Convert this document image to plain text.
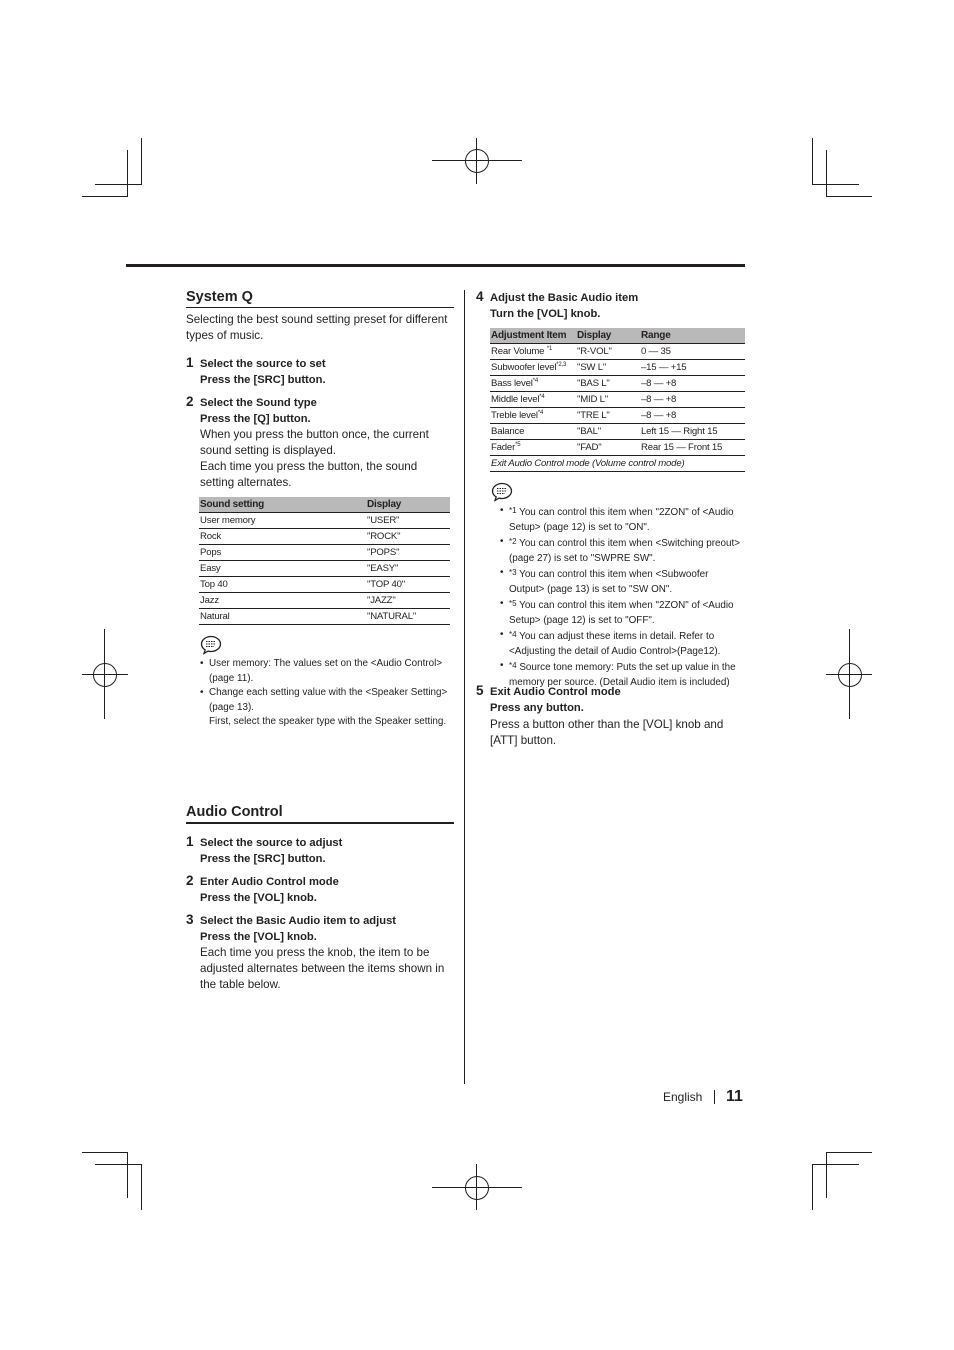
System Q
Selecting the best sound setting preset for different types of music.
1 Select the source to set
Press the [SRC] button.
2 Select the Sound type
Press the [Q] button.
When you press the button once, the current sound setting is displayed.
Each time you press the button, the sound setting alternates.
Sound setting	Display
User memory	"USER"
Rock	"ROCK"
Pops	"POPS"
Easy	"EASY"
Top 40	"TOP 40"
Jazz	"JAZZ"
Natural	"NATURAL"
• User memory: The values set on the <Audio Control> (page 11).
• Change each setting value with the <Speaker Setting> (page 13).
First, select the speaker type with the Speaker setting.
Audio Control
1 Select the source to adjust
Press the [SRC] button.
2 Enter Audio Control mode
Press the [VOL] knob.
3 Select the Basic Audio item to adjust
Press the [VOL] knob.
Each time you press the knob, the item to be adjusted alternates between the items shown in the table below.
4 Adjust the Basic Audio item
Turn the [VOL] knob.
Adjustment Item	Display	Range
Rear Volume $^{*1}$	"R-VOL"	0 — 35
Subwoofer level$^{*2,3}$	"SW L"	–15 — +15
Bass level$^{*4}$	"BAS L"	–8 — +8
Middle level$^{*4}$	"MID L"	–8 — +8
Treble level$^{*4}$	"TRE L"	–8 — +8
Balance	"BAL"	Left 15 — Right 15
Fader$^{*5}$	"FAD"	Rear 15 — Front 15
Exit Audio Control mode (Volume control mode)		
• $^{*1}$ You can control this item when "2ZON" of <Audio Setup> (page 12) is set to "ON".
• $^{*2}$ You can control this item when <Switching preout> (page 27) is set to "SWPRE SW".
• $^{*3}$ You can control this item when <Subwoofer Output> (page 13) is set to "SW ON".
• $^{*5}$ You can control this item when "2ZON" of <Audio Setup> (page 12) is set to "OFF".
• $^{*4}$ You can adjust these items in detail. Refer to <Adjusting the detail of Audio Control>(Page12).
• $^{*4}$ Source tone memory: Puts the set up value in the memory per source. (Detail Audio item is included)
5 Exit Audio Control mode
Press any button.
Press a button other than the [VOL] knob and [ATT] button.
English 11
